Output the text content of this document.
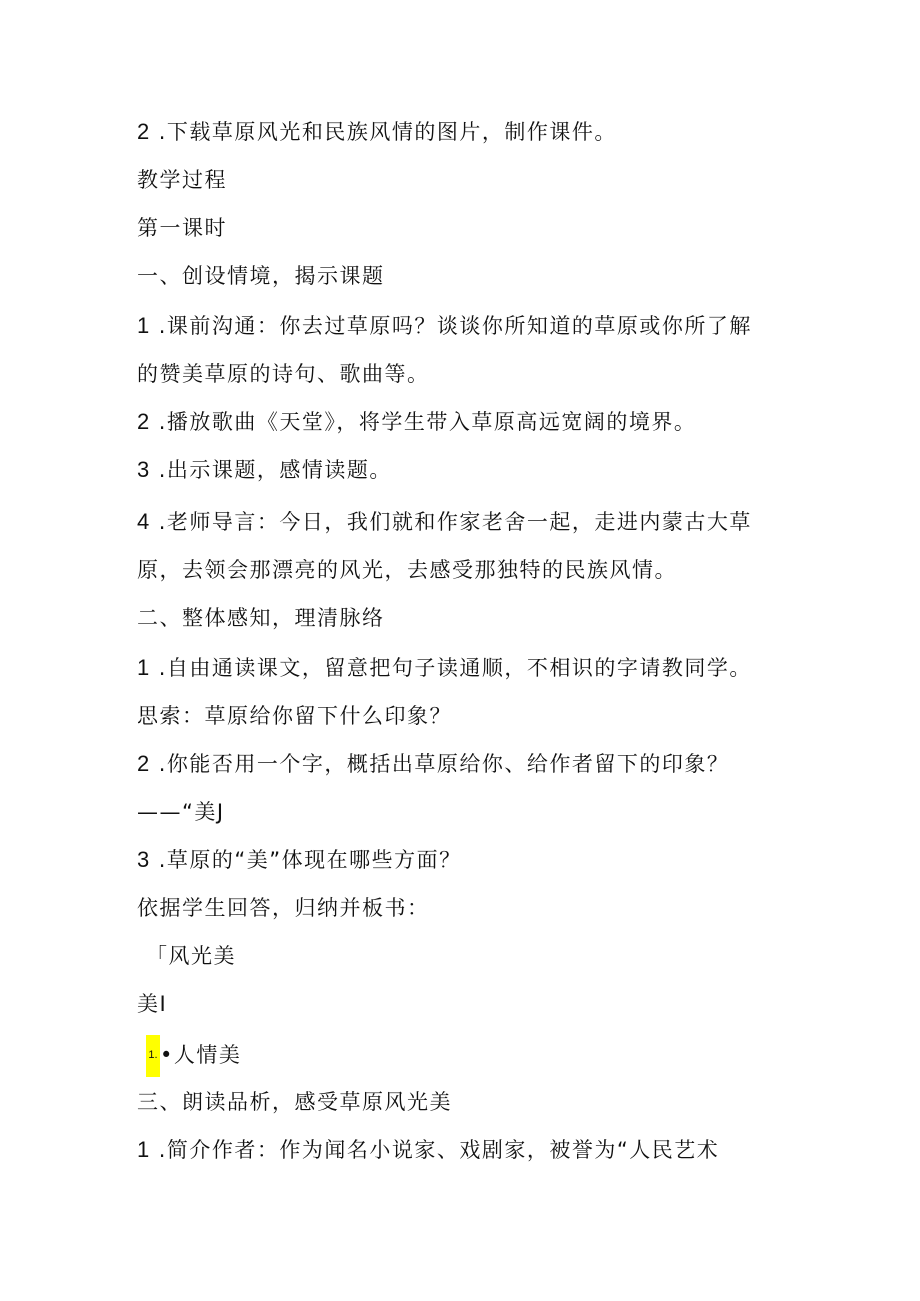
2 .下载草原风光和民族风情的图片，制作课件。
教学过程
第一课时
一、创设情境，揭示课题
1 .课前沟通：你去过草原吗？谈谈你所知道的草原或你所了解
的赞美草原的诗句、歌曲等。
2 .播放歌曲《天堂》，将学生带入草原高远宽阔的境界。
3 .出示课题，感情读题。
4 .老师导言：今日，我们就和作家老舍一起，走进内蒙古大草
原，去领会那漂亮的风光，去感受那独特的民族风情。
二、整体感知，理清脉络
1 .自由通读课文，留意把句子读通顺，不相识的字请教同学。
思索：草原给你留下什么印象？
2 .你能否用一个字，概括出草原给你、给作者留下的印象？
——“美J
3 .草原的“美”体现在哪些方面？
依据学生回答，归纳并板书：
「风光美
美I
1. •人情美
三、朗读品析，感受草原风光美
1 .简介作者：作为闻名小说家、戏剧家，被誉为“人民艺术
